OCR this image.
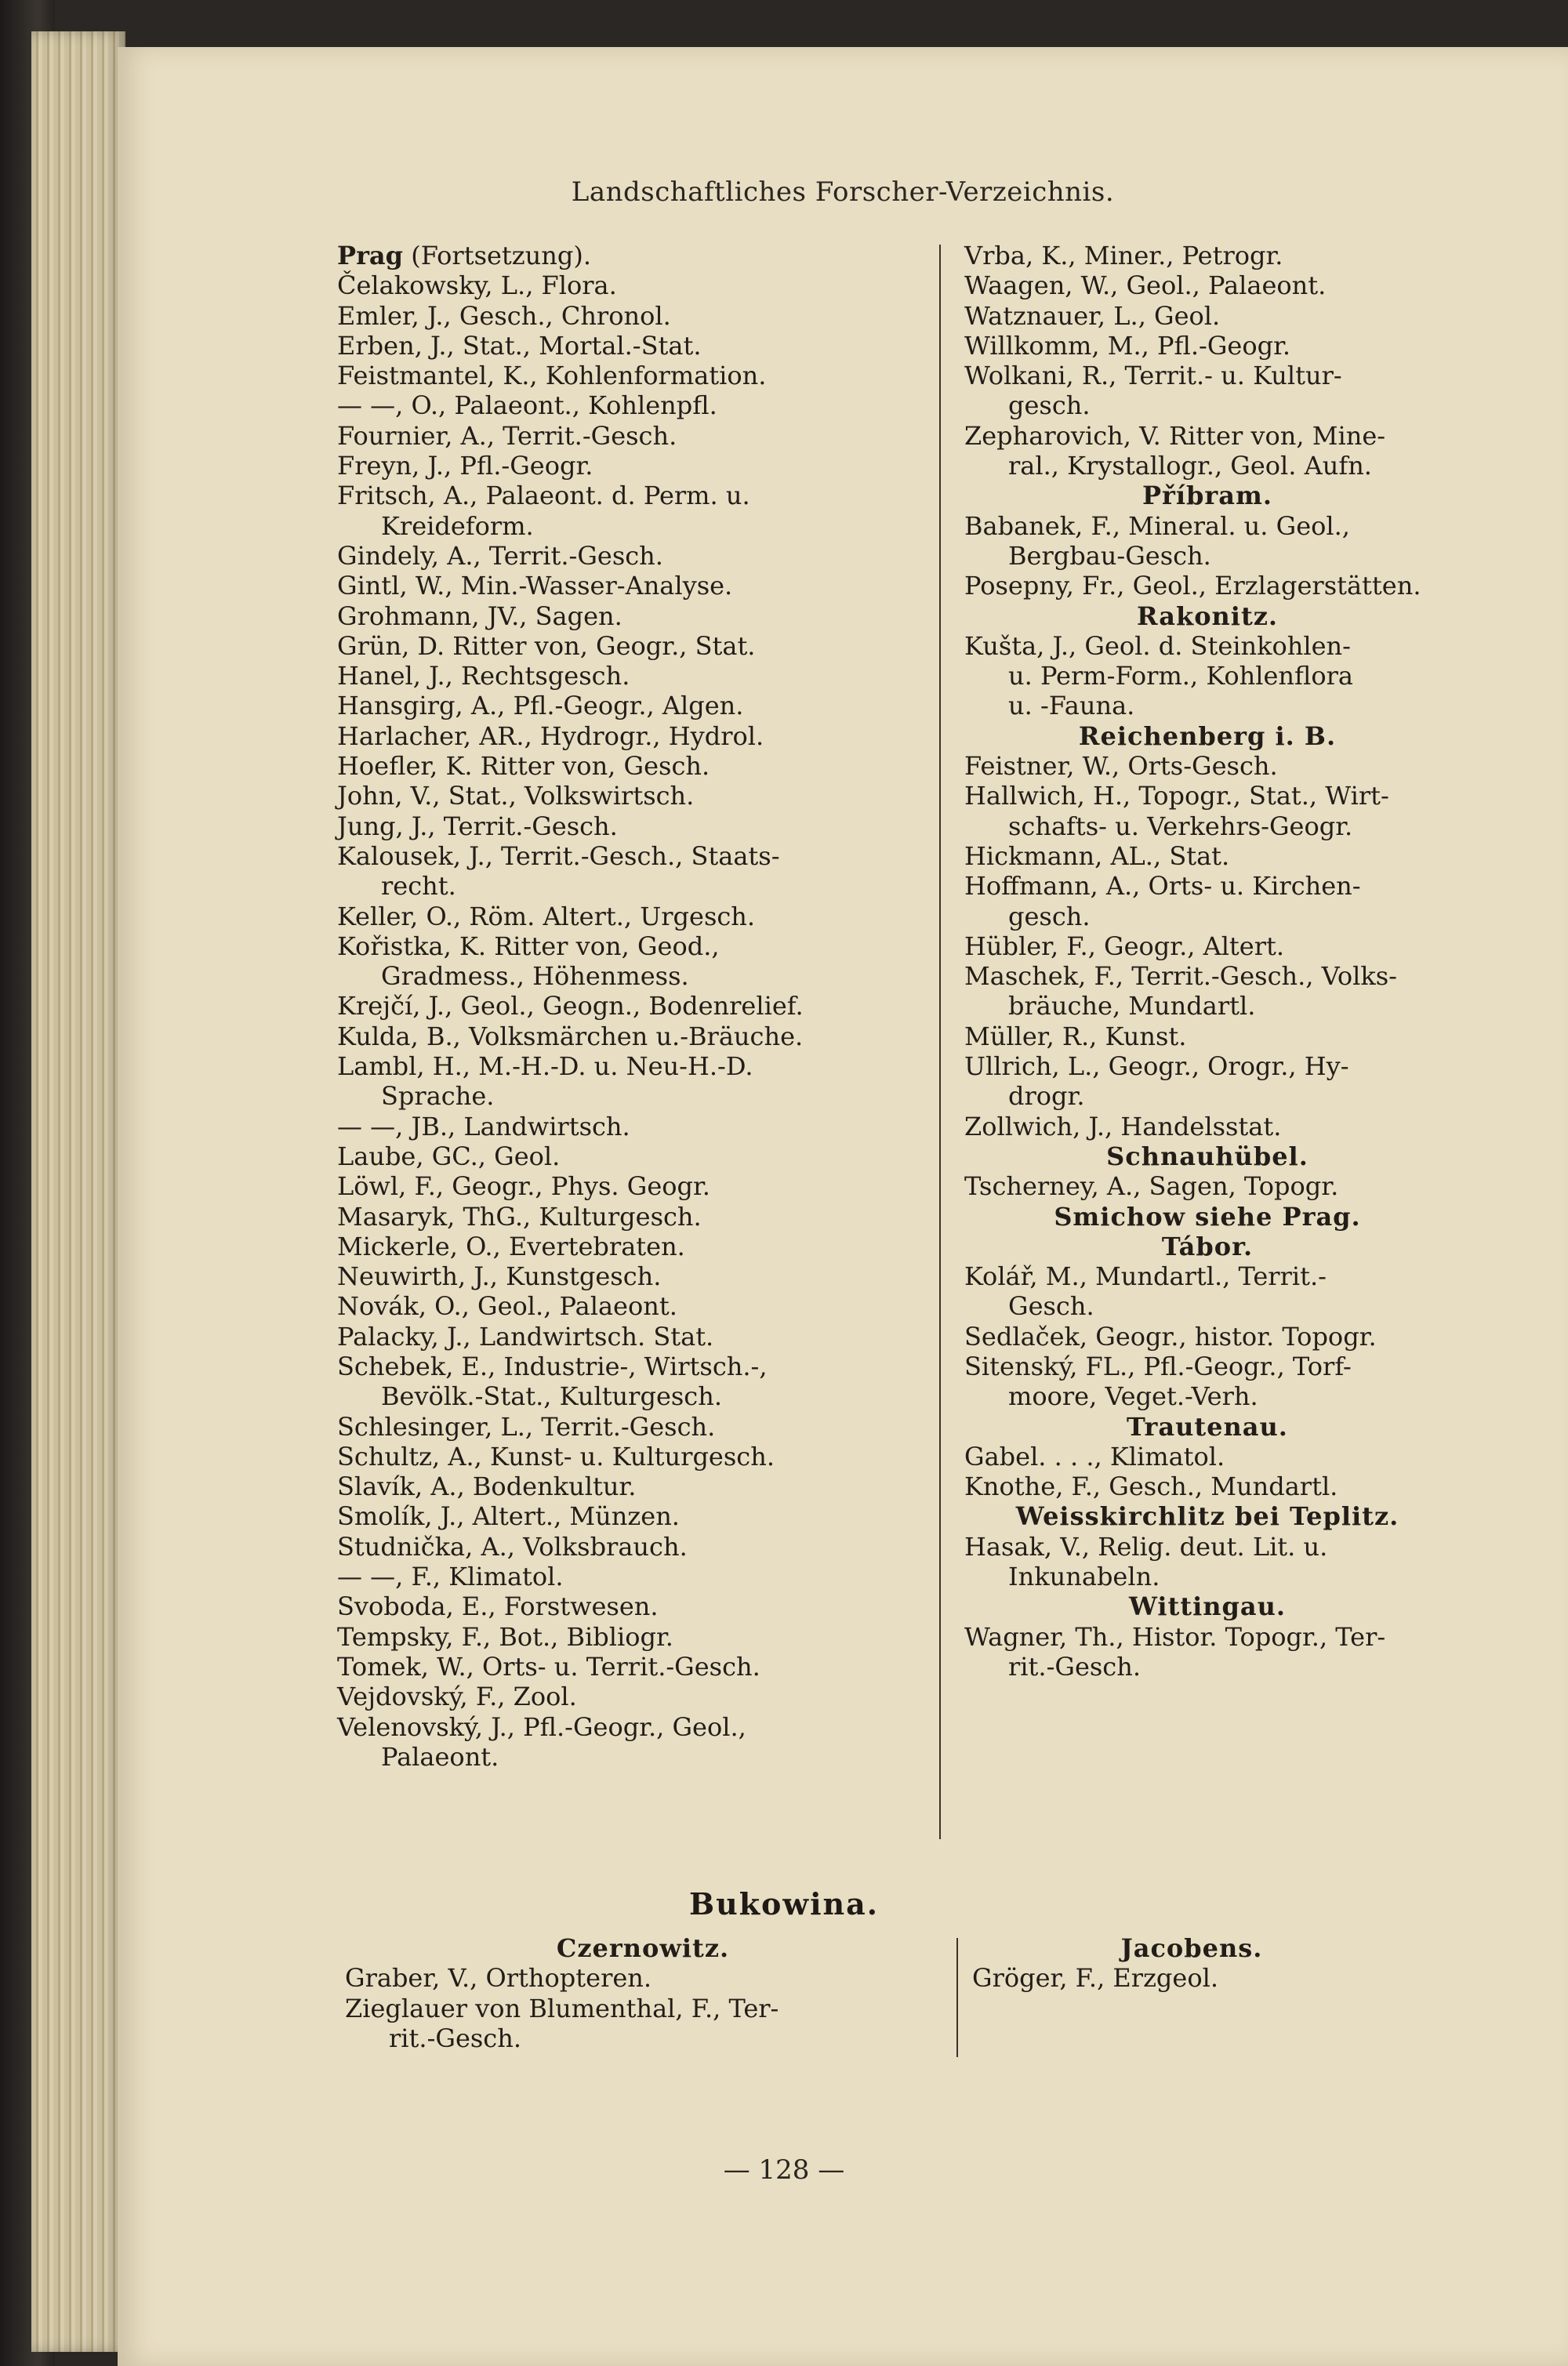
Landschaftliches Forscher-Verzeichnis.
Prag (Fortsetzung).
Čelakowsky, L., Flora.
Emler, J., Gesch., Chronol.
Erben, J., Stat., Mortal.-Stat.
Feistmantel, K., Kohlenformation.
— —, O., Palaeont., Kohlenpfl.
Fournier, A., Territ.-Gesch.
Freyn, J., Pfl.-Geogr.
Fritsch, A., Palaeont. d. Perm. u.
Kreideform.
Gindely, A., Territ.-Gesch.
Gintl, W., Min.-Wasser-Analyse.
Grohmann, JV., Sagen.
Grün, D. Ritter von, Geogr., Stat.
Hanel, J., Rechtsgesch.
Hansgirg, A., Pfl.-Geogr., Algen.
Harlacher, AR., Hydrogr., Hydrol.
Hoefler, K. Ritter von, Gesch.
John, V., Stat., Volkswirtsch.
Jung, J., Territ.-Gesch.
Kalousek, J., Territ.-Gesch., Staats-
recht.
Keller, O., Röm. Altert., Urgesch.
Kořistka, K. Ritter von, Geod.,
Gradmess., Höhenmess.
Krejčí, J., Geol., Geogn., Bodenrelief.
Kulda, B., Volksmärchen u.-Bräuche.
Lambl, H., M.-H.-D. u. Neu-H.-D.
Sprache.
— —, JB., Landwirtsch.
Laube, GC., Geol.
Löwl, F., Geogr., Phys. Geogr.
Masaryk, ThG., Kulturgesch.
Mickerle, O., Evertebraten.
Neuwirth, J., Kunstgesch.
Novák, O., Geol., Palaeont.
Palacky, J., Landwirtsch. Stat.
Schebek, E., Industrie-, Wirtsch.-,
Bevölk.-Stat., Kulturgesch.
Schlesinger, L., Territ.-Gesch.
Schultz, A., Kunst- u. Kulturgesch.
Slavík, A., Bodenkultur.
Smolík, J., Altert., Münzen.
Studnička, A., Volksbrauch.
— —, F., Klimatol.
Svoboda, E., Forstwesen.
Tempsky, F., Bot., Bibliogr.
Tomek, W., Orts- u. Territ.-Gesch.
Vejdovský, F., Zool.
Velenovský, J., Pfl.-Geogr., Geol.,
Palaeont.
Vrba, K., Miner., Petrogr.
Waagen, W., Geol., Palaeont.
Watznauer, L., Geol.
Willkomm, M., Pfl.-Geogr.
Wolkani, R., Territ.- u. Kultur-
gesch.
Zepharovich, V. Ritter von, Mine-
ral., Krystallogr., Geol. Aufn.
Příbram.
Babanek, F., Mineral. u. Geol.,
Bergbau-Gesch.
Posepny, Fr., Geol., Erzlagerstätten.
Rakonitz.
Kušta, J., Geol. d. Steinkohlen-
u. Perm-Form., Kohlenflora
u. -Fauna.
Reichenberg i. B.
Feistner, W., Orts-Gesch.
Hallwich, H., Topogr., Stat., Wirt-
schafts- u. Verkehrs-Geogr.
Hickmann, AL., Stat.
Hoffmann, A., Orts- u. Kirchen-
gesch.
Hübler, F., Geogr., Altert.
Maschek, F., Territ.-Gesch., Volks-
bräuche, Mundartl.
Müller, R., Kunst.
Ullrich, L., Geogr., Orogr., Hy-
drogr.
Zollwich, J., Handelsstat.
Schnauhübel.
Tscherney, A., Sagen, Topogr.
Smichow siehe Prag.
Tábor.
Kolář, M., Mundartl., Territ.-
Gesch.
Sedlaček, Geogr., histor. Topogr.
Sitenský, FL., Pfl.-Geogr., Torf-
moore, Veget.-Verh.
Trautenau.
Gabel. . . ., Klimatol.
Knothe, F., Gesch., Mundartl.
Weisskirchlitz bei Teplitz.
Hasak, V., Relig. deut. Lit. u.
Inkunabeln.
Wittingau.
Wagner, Th., Histor. Topogr., Ter-
rit.-Gesch.
Bukowina.
Czernowitz.
Graber, V., Orthopteren.
Zieglauer von Blumenthal, F., Ter-
rit.-Gesch.
Jacobens.
Gröger, F., Erzgeol.
— 128 —
